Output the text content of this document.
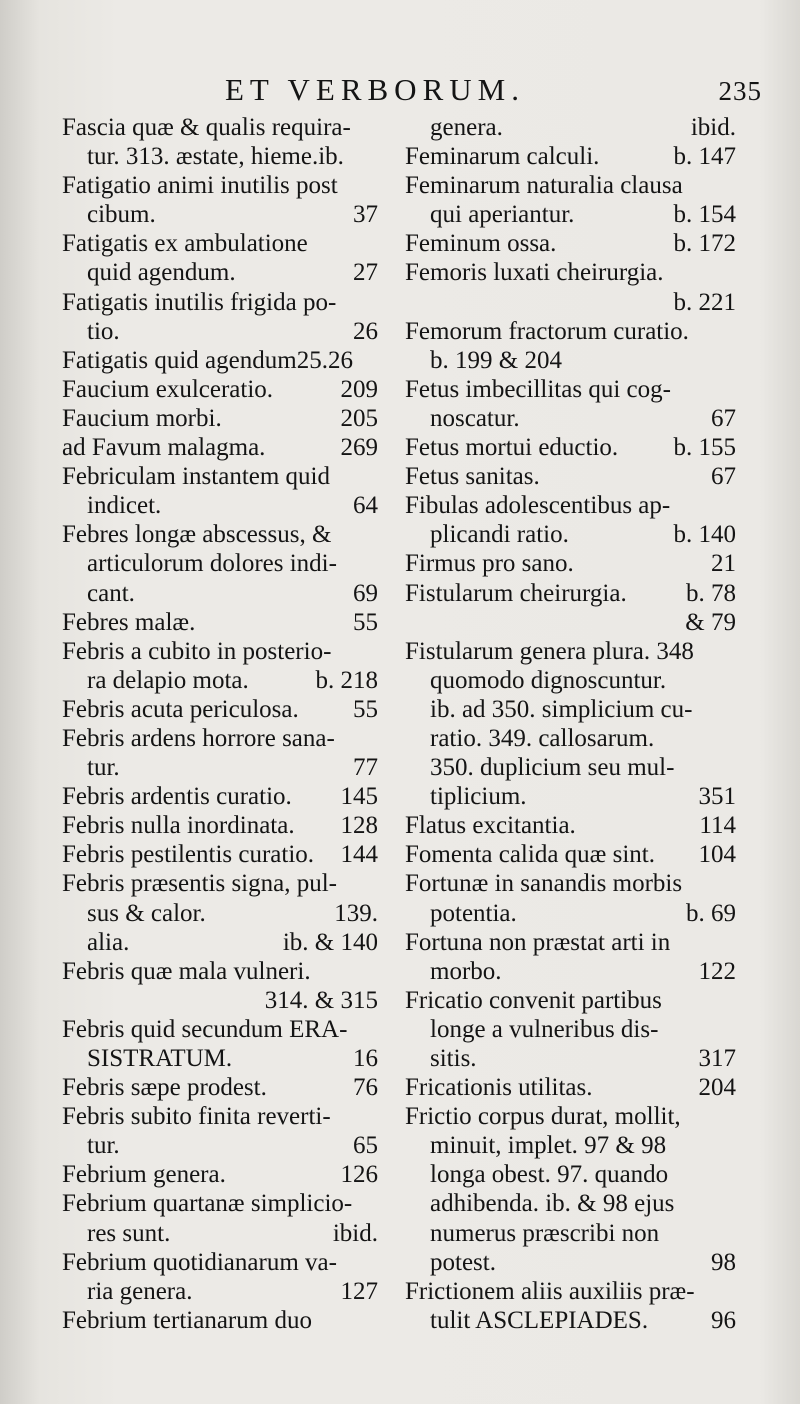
ET VERBORUM.	235
Fascia quæ & qualis requira-
tur. 313. æstate, hieme.ib.
Fatigatio animi inutilis post
cibum.	37
Fatigatis ex ambulatione
quid agendum.	27
Fatigatis inutilis frigida po-
tio.	26
Fatigatis quid agendum25.26
Faucium exulceratio.	209
Faucium morbi.	205
ad Favum malagma.	269
Febriculam instantem quid
indicet.	64
Febres longæ abscessus, &
articulorum dolores indi-
cant.	69
Febres malæ.	55
Febris a cubito in posterio-
ra delapio mota.	b. 218
Febris acuta periculosa. 55
Febris ardens horrore sana-
tur.	77
Febris ardentis curatio. 145
Febris nulla inordinata. 128
Febris pestilentis curatio. 144
Febris præsentis signa, pul-
sus & calor.	139.
alia.	ib. & 140
Febris quæ mala vulneri.
314. & 315
Febris quid secundum ERA-
SISTRATUM.	16
Febris sæpe prodest.	76
Febris subito finita reverti-
tur.	65
Febrium genera.	126
Febrium quartanæ simplicio-
res sunt.	ibid.
Febrium quotidianarum va-
ria genera.	127
Febrium tertianarum duo
genera.	ibid.
Feminarum calculi.	b. 147
Feminarum naturalia clausa
qui aperiantur.	b. 154
Feminum ossa.	b. 172
Femoris luxati cheirurgia.
b. 221
Femorum fractorum curatio.
b. 199 & 204
Fetus imbecillitas qui cog-
noscatur.	67
Fetus mortui eductio. b. 155
Fetus sanitas.	67
Fibulas adolescentibus ap-
plicandi ratio.	b. 140
Firmus pro sano.	21
Fistularum cheirurgia. b. 78
& 79
Fistularum genera plura. 348
quomodo dignoscuntur.
ib. ad 350. simplicium cu-
ratio. 349. callosarum.
350. duplicium seu mul-
tiplicium.	351
Flatus excitantia.	114
Fomenta calida quæ sint. 104
Fortunæ in sanandis morbis
potentia.	b. 69
Fortuna non præstat arti in
morbo.	122
Fricatio convenit partibus
longe a vulneribus dis-
sitis.	317
Fricationis utilitas.	204
Frictio corpus durat, mollit,
minuit, implet. 97 & 98
longa obest. 97. quando
adhibenda. ib. & 98 ejus
numerus præscribi non
potest.	98
Frictionem aliis auxiliis præ-
tulit ASCLEPIADES.	96
